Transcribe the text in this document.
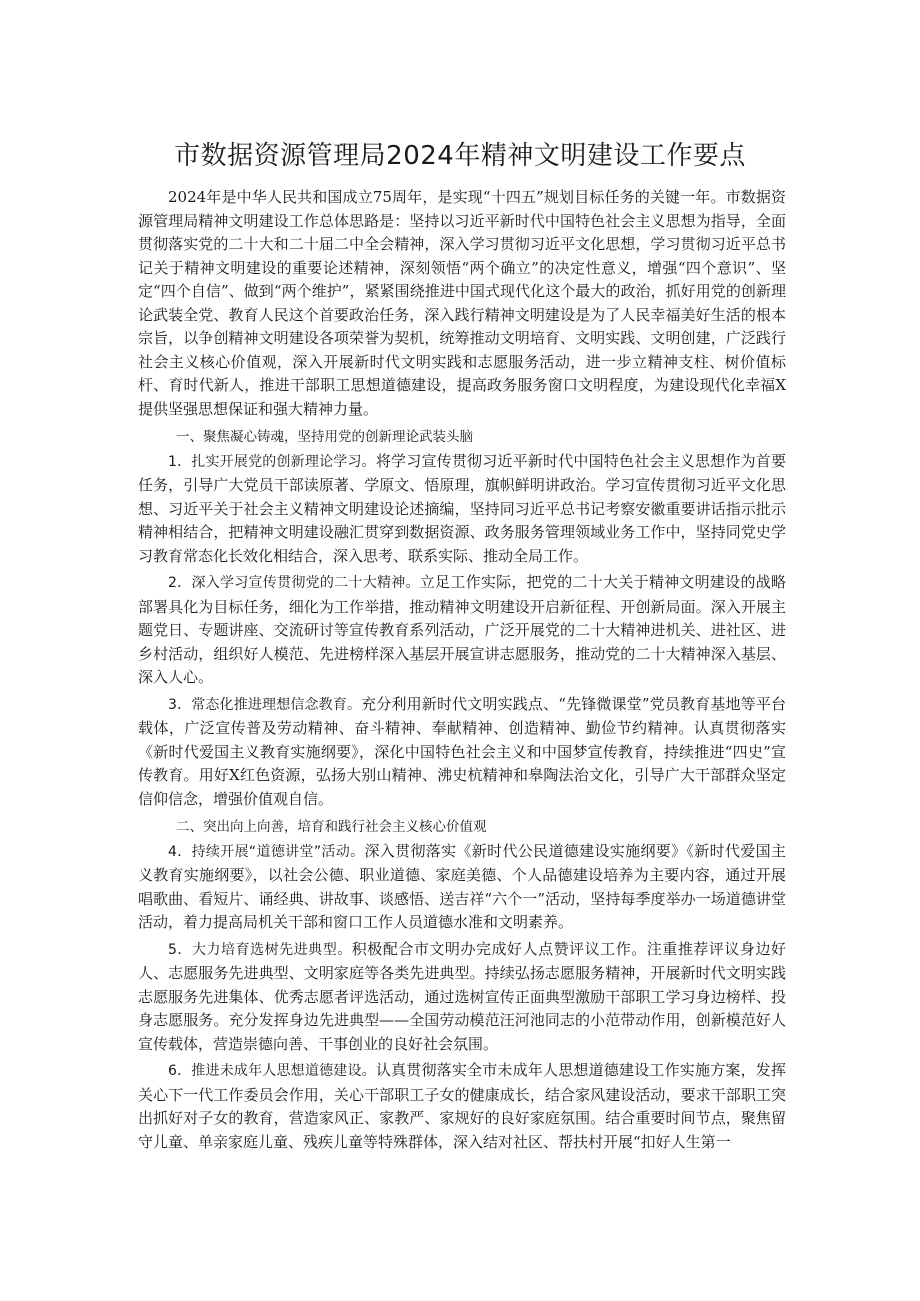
市数据资源管理局2024年精神文明建设工作要点

2024年是中华人民共和国成立75周年，是实现“十四五”规划目标任务的关键一年。市数据资源管理局精神文明建设工作总体思路是：坚持以习近平新时代中国特色社会主义思想为指导，全面贯彻落实党的二十大和二十届二中全会精神，深入学习贯彻习近平文化思想，学习贯彻习近平总书记关于精神文明建设的重要论述精神，深刻领悟“两个确立”的决定性意义，增强“四个意识”、坚定“四个自信”、做到“两个维护”，紧紧围绕推进中国式现代化这个最大的政治，抓好用党的创新理论武装全党、教育人民这个首要政治任务，深入践行精神文明建设是为了人民幸福美好生活的根本宗旨，以争创精神文明建设各项荣誉为契机，统筹推动文明培育、文明实践、文明创建，广泛践行社会主义核心价值观，深入开展新时代文明实践和志愿服务活动，进一步立精神支柱、树价值标杆、育时代新人，推进干部职工思想道德建设，提高政务服务窗口文明程度，为建设现代化幸福X提供坚强思想保证和强大精神力量。

一、聚焦凝心铸魂，坚持用党的创新理论武装头脑

1．扎实开展党的创新理论学习。将学习宣传贯彻习近平新时代中国特色社会主义思想作为首要任务，引导广大党员干部读原著、学原文、悟原理，旗帜鲜明讲政治。学习宣传贯彻习近平文化思想、习近平关于社会主义精神文明建设论述摘编，坚持同习近平总书记考察安徽重要讲话指示批示精神相结合，把精神文明建设融汇贯穿到数据资源、政务服务管理领域业务工作中，坚持同党史学习教育常态化长效化相结合，深入思考、联系实际、推动全局工作。

2．深入学习宣传贯彻党的二十大精神。立足工作实际，把党的二十大关于精神文明建设的战略部署具化为目标任务，细化为工作举措，推动精神文明建设开启新征程、开创新局面。深入开展主题党日、专题讲座、交流研讨等宣传教育系列活动，广泛开展党的二十大精神进机关、进社区、进乡村活动，组织好人模范、先进榜样深入基层开展宣讲志愿服务，推动党的二十大精神深入基层、深入人心。

3．常态化推进理想信念教育。充分利用新时代文明实践点、“先锋微课堂”党员教育基地等平台载体，广泛宣传普及劳动精神、奋斗精神、奉献精神、创造精神、勤俭节约精神。认真贯彻落实《新时代爱国主义教育实施纲要》，深化中国特色社会主义和中国梦宣传教育，持续推进“四史”宣传教育。用好X红色资源，弘扬大别山精神、沸史杭精神和皋陶法治文化，引导广大干部群众坚定信仰信念，增强价值观自信。

二、突出向上向善，培育和践行社会主义核心价值观

4．持续开展“道德讲堂”活动。深入贯彻落实《新时代公民道德建设实施纲要》《新时代爱国主义教育实施纲要》，以社会公德、职业道德、家庭美德、个人品德建设培养为主要内容，通过开展唱歌曲、看短片、诵经典、讲故事、谈感悟、送吉祥“六个一”活动，坚持每季度举办一场道德讲堂活动，着力提高局机关干部和窗口工作人员道德水准和文明素养。

5．大力培育选树先进典型。积极配合市文明办完成好人点赞评议工作。注重推荐评议身边好人、志愿服务先进典型、文明家庭等各类先进典型。持续弘扬志愿服务精神，开展新时代文明实践志愿服务先进集体、优秀志愿者评选活动，通过选树宣传正面典型激励干部职工学习身边榜样、投身志愿服务。充分发挥身边先进典型——全国劳动模范汪河池同志的小范带动作用，创新模范好人宣传载体，营造崇德向善、干事创业的良好社会氛围。

6．推进未成年人思想道德建设。认真贯彻落实全市未成年人思想道德建设工作实施方案，发挥关心下一代工作委员会作用，关心干部职工子女的健康成长，结合家风建设活动，要求干部职工突出抓好对子女的教育，营造家风正、家教严、家规好的良好家庭氛围。结合重要时间节点，聚焦留守儿童、单亲家庭儿童、残疾儿童等特殊群体，深入结对社区、帮扶村开展“扣好人生第一
